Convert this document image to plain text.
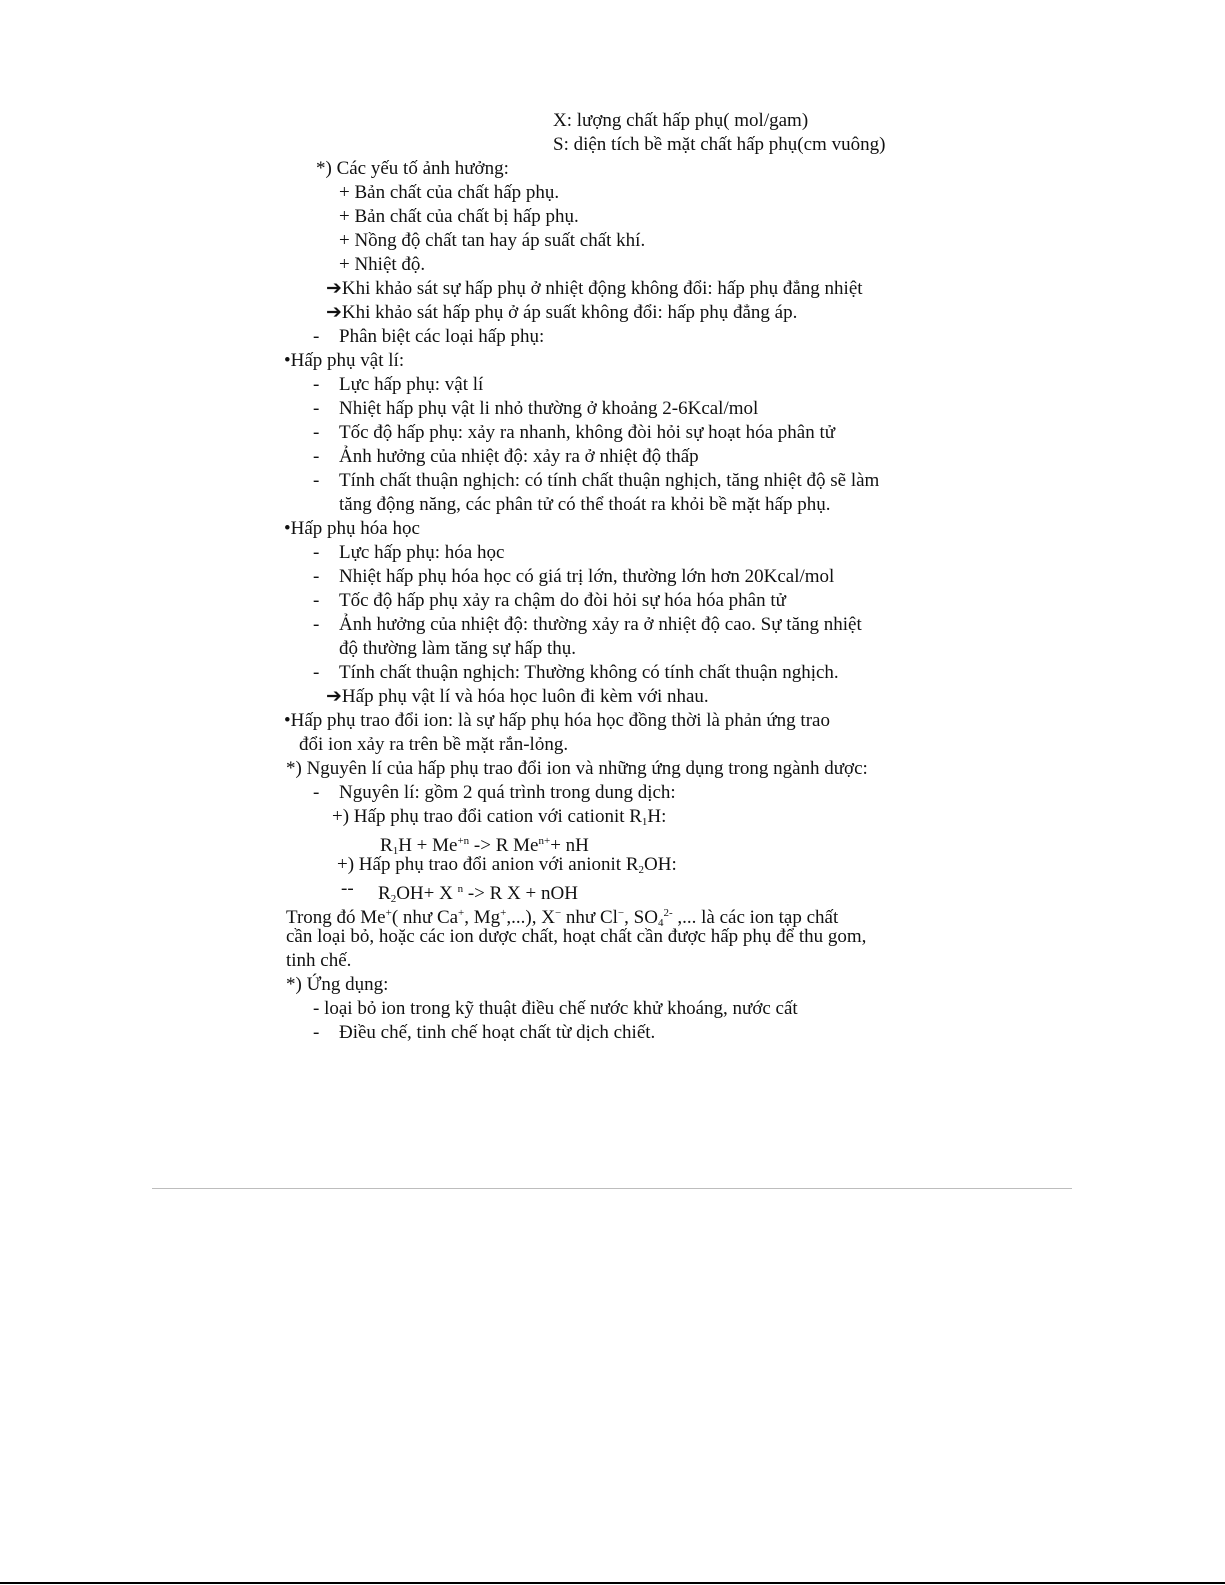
X: lượng chất hấp phụ( mol/gam)
S: diện tích bề mặt chất hấp phụ(cm vuông)
*) Các yếu tố ảnh hưởng:
+ Bản chất của chất hấp phụ.
+ Bản chất của chất bị hấp phụ.
+ Nồng độ chất tan hay áp suất chất khí.
+ Nhiệt độ.
➔Khi khảo sát sự hấp phụ ở nhiệt động không đổi: hấp phụ đẳng nhiệt
➔Khi khảo sát hấp phụ ở áp suất không đổi: hấp phụ đẳng áp.
- Phân biệt các loại hấp phụ:
•Hấp phụ vật lí:
- Lực hấp phụ: vật lí
- Nhiệt hấp phụ vật li nhỏ thường ở khoảng 2-6Kcal/mol
- Tốc độ hấp phụ: xảy ra nhanh, không đòi hỏi sự hoạt hóa phân tử
- Ảnh hưởng của nhiệt độ: xảy ra ở nhiệt độ thấp
- Tính chất thuận nghịch: có tính chất thuận nghịch, tăng nhiệt độ sẽ làm
tăng động năng, các phân tử có thể thoát ra khỏi bề mặt hấp phụ.
•Hấp phụ hóa học
- Lực hấp phụ: hóa học
- Nhiệt hấp phụ hóa học có giá trị lớn, thường lớn hơn 20Kcal/mol
- Tốc độ hấp phụ xảy ra chậm do đòi hỏi sự hóa hóa phân tử
- Ảnh hưởng của nhiệt độ: thường xảy ra ở nhiệt độ cao. Sự tăng nhiệt
độ thường làm tăng sự hấp thụ.
- Tính chất thuận nghịch: Thường không có tính chất thuận nghịch.
➔Hấp phụ vật lí và hóa học luôn đi kèm với nhau.
•Hấp phụ trao đổi ion: là sự hấp phụ hóa học đồng thời là phản ứng trao
đổi ion xảy ra trên bề mặt rắn-lỏng.
*) Nguyên lí của hấp phụ trao đổi ion và những ứng dụng trong ngành dược:
- Nguyên lí: gồm 2 quá trình trong dung dịch:
+) Hấp phụ trao đổi cation với cationit $R_1H$:
$R_1H + Me^{+n} -> R$ $Me^{n+}+$ nH
+) Hấp phụ trao đổi anion với anionit $R_2OH$:
-- $R_2OH+ X$ $^n$ -> R X + nOH
Trong đó Me+( như Ca+, Mg+,...), X− như Cl−, $SO_4^{2-}$ ,... là các ion tạp chất
cần loại bỏ, hoặc các ion dược chất, hoạt chất cần được hấp phụ để thu gom,
tinh chế.
*) Ứng dụng:
- loại bỏ ion trong kỹ thuật điều chế nước khử khoáng, nước cất
- Điều chế, tinh chế hoạt chất từ dịch chiết.
